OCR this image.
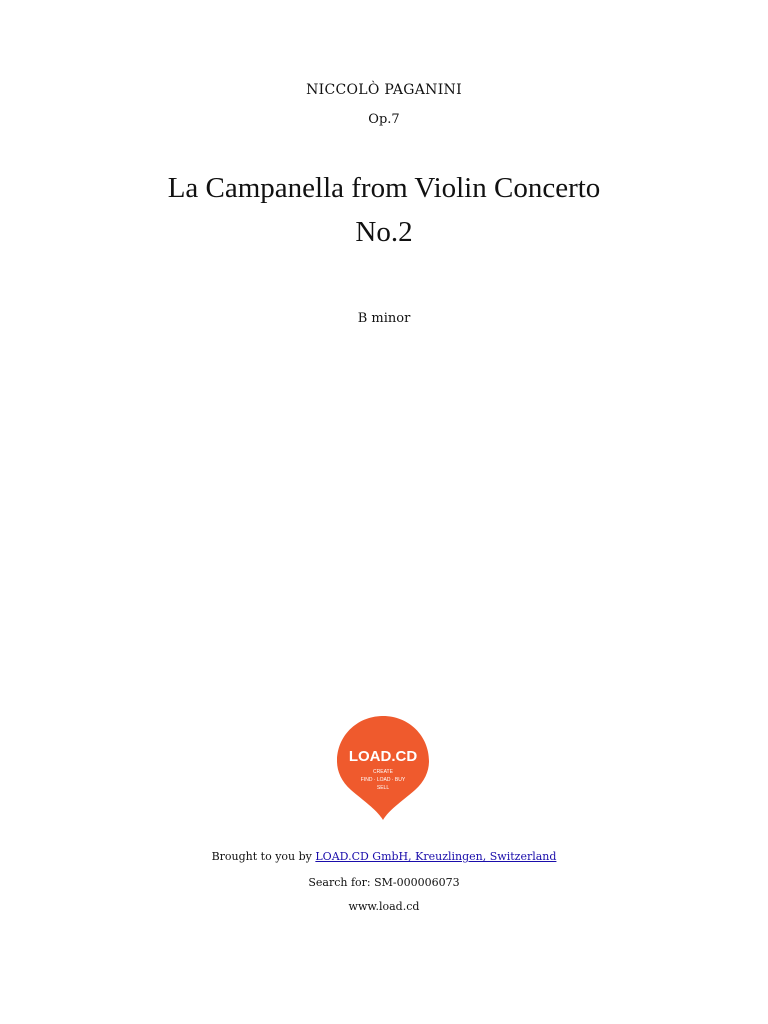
NICCOLÒ PAGANINI
Op.7
La Campanella from Violin Concerto
No.2
B minor
LOAD.CD
CREATE
FIND · LOAD · BUY
SELL
Brought to you by LOAD.CD GmbH, Kreuzlingen, Switzerland
Search for: SM-000006073
www.load.cd
